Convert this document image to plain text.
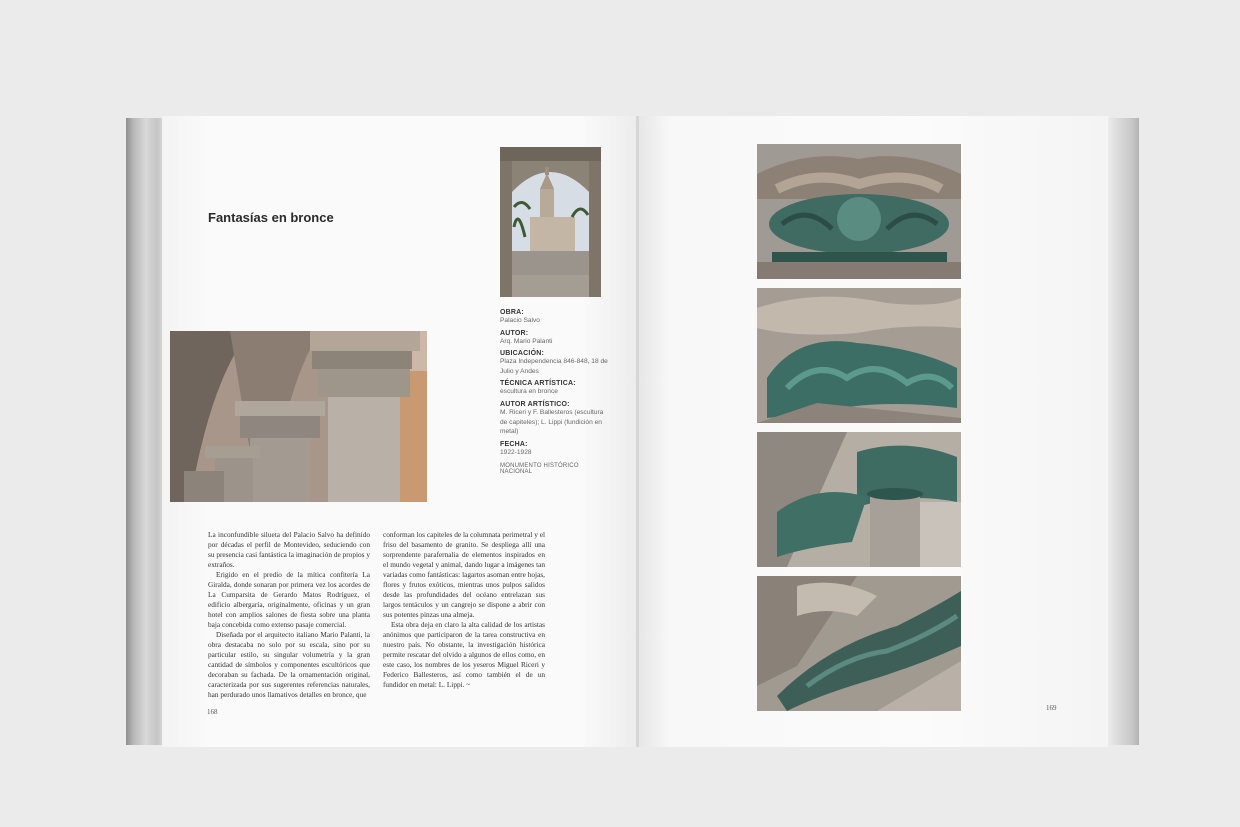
Fantasías en bronce
OBRA:
Palacio Salvo
AUTOR:
Arq. Mario Palanti
UBICACIÓN:
Plaza Independencia 846-848, 18 de Julio y Andes
TÉCNICA ARTÍSTICA:
escultura en bronce
AUTOR ARTÍSTICO:
M. Riceri y F. Ballesteros (escultura de capiteles); L. Lippi (fundición en metal)
FECHA:
1922-1928
MONUMENTO HISTÓRICO NACIONAL

La inconfundible silueta del Palacio Salvo ha definido por décadas el perfil de Montevideo, seduciendo con su presencia casi fantástica la imaginación de propios y extraños.

Erigido en el predio de la mítica confitería La Giralda, donde sonaran por primera vez los acordes de La Cumparsita de Gerardo Matos Rodríguez, el edificio albergaría, originalmente, oficinas y un gran hotel con amplios salones de fiesta sobre una planta baja concebida como extenso pasaje comercial.

Diseñada por el arquitecto italiano Mario Palanti, la obra destacaba no solo por su escala, sino por su particular estilo, su singular volumetría y la gran cantidad de símbolos y componentes escultóricos que decoraban su fachada. De la ornamentación original, caracterizada por sus sugerentes referencias naturales, han perdurado unos llamativos detalles en bronce, que

conforman los capiteles de la columnata perimetral y el friso del basamento de granito. Se despliega allí una sorprendente parafernalia de elementos inspirados en el mundo vegetal y animal, dando lugar a imágenes tan variadas como fantásticas: lagartos asoman entre hojas, flores y frutos exóticos, mientras unos pulpos salidos desde las profundidades del océano entrelazan sus largos tentáculos y un cangrejo se dispone a abrir con sus potentes pinzas una almeja.

Esta obra deja en claro la alta calidad de los artistas anónimos que participaron de la tarea constructiva en nuestro país. No obstante, la investigación histórica permite rescatar del olvido a algunos de ellos como, en este caso, los nombres de los yeseros Miguel Riceri y Federico Ballesteros, así como también el de un fundidor en metal: L. Lippi. ~

168	169
